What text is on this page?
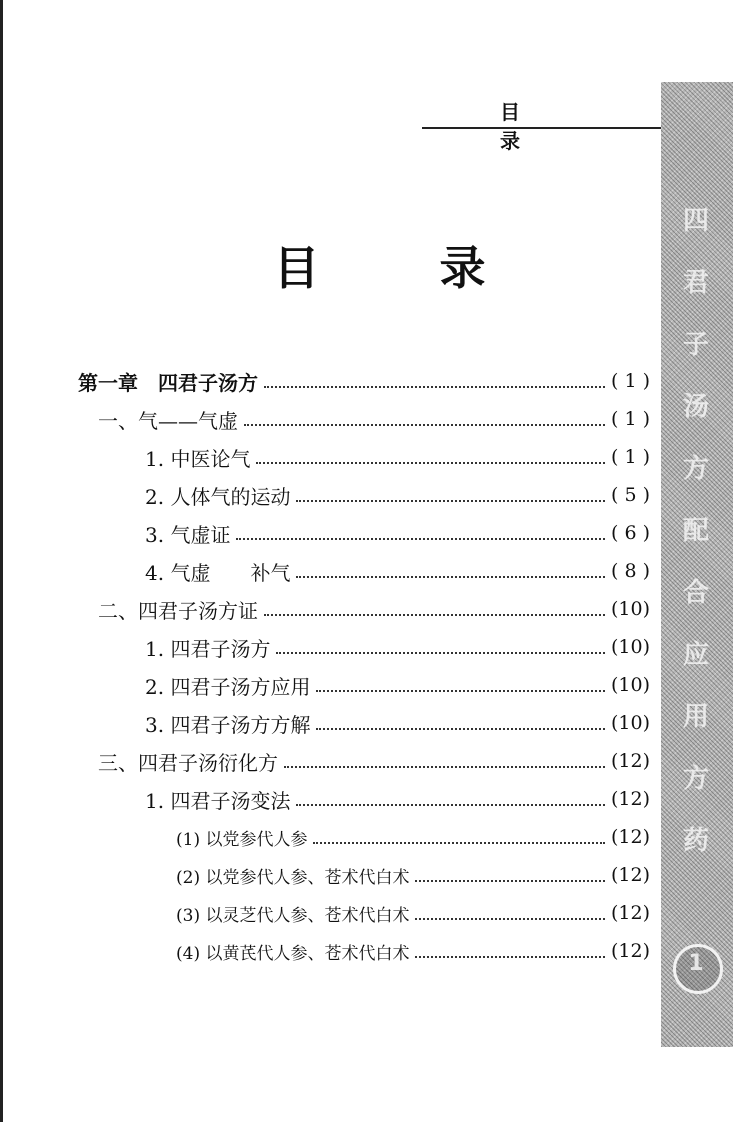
目 录
四
君
子
汤
方
配
合
应
用
方
药
1
目 录
第一章　四君子汤方	( 1 )
一、气——气虚	( 1 )
1. 中医论气	( 1 )
2. 人体气的运动	( 5 )
3. 气虚证	( 6 )
4. 气虚　　补气	( 8 )
二、四君子汤方证	(10)
1. 四君子汤方	(10)
2. 四君子汤方应用	(10)
3. 四君子汤方方解	(10)
三、四君子汤衍化方	(12)
1. 四君子汤变法	(12)
(1) 以党参代人参	(12)
(2) 以党参代人参、苍术代白术	(12)
(3) 以灵芝代人参、苍术代白术	(12)
(4) 以黄芪代人参、苍术代白术	(12)
